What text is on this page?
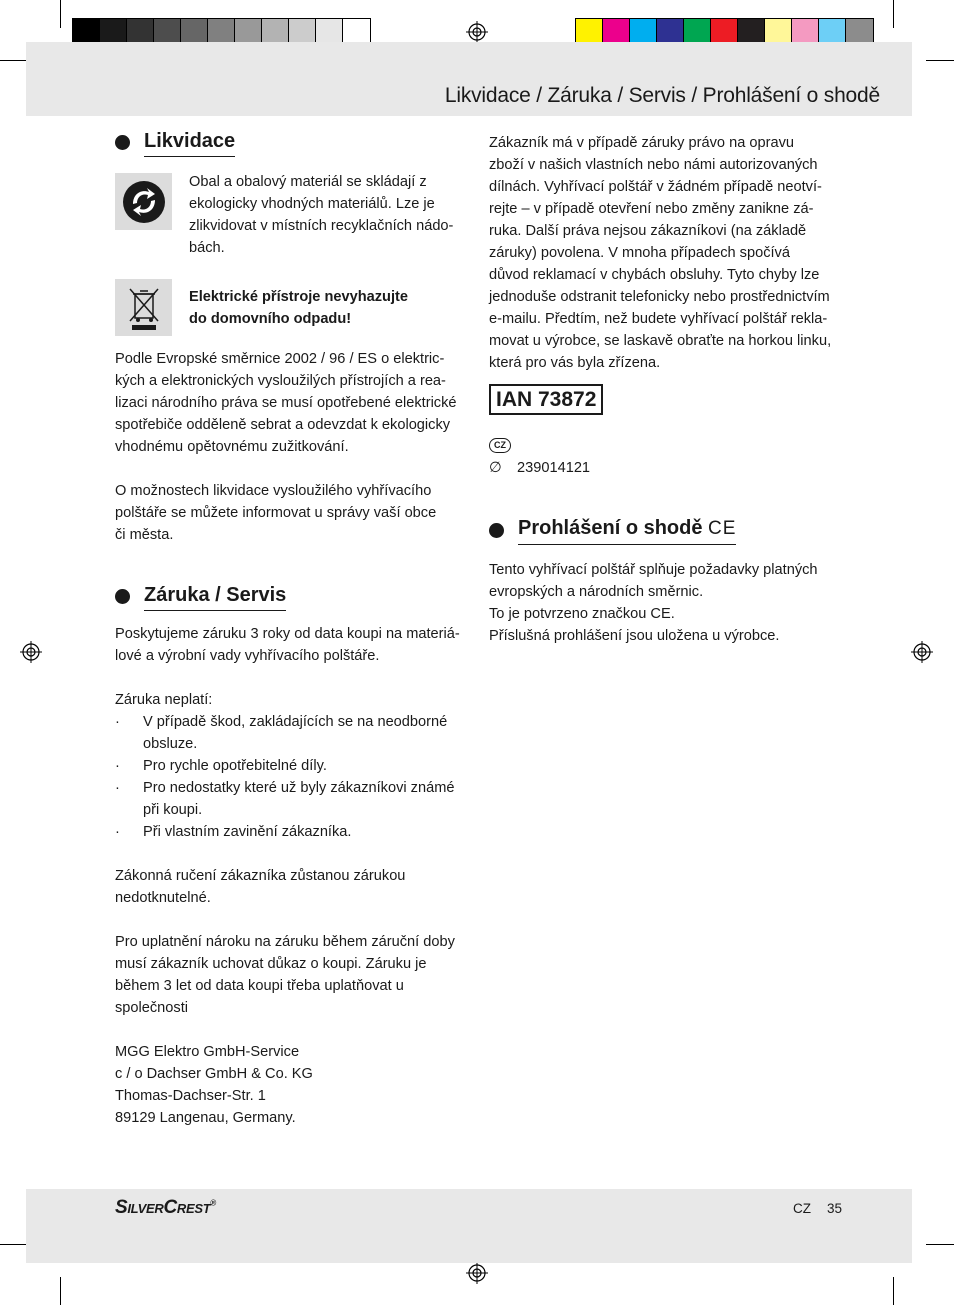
Likvidace / Záruka / Servis / Prohlášení o shodě
Likvidace

Obal a obalový materiál se skládají z

ekologicky vhodných materiálů. Lze je

zlikvidovat v místních recyklačních nádo-

bách.

Elektrické přístroje nevyhazujte

do domovního odpadu!

Podle Evropské směrnice 2002 / 96 / ES o elektric-

kých a elektronických vysloužilých přístrojích a rea-

lizaci národního práva se musí opotřebené elektrické

spotřebiče odděleně sebrat a odevzdat k ekologicky

vhodnému opětovnému zužitkování.

O možnostech likvidace vysloužilého vyhřívacího

polštáře se můžete informovat u správy vaší obce

či města.

Záruka / Servis

Poskytujeme záruku 3 roky od data koupi na materiá-

lové a výrobní vady vyhřívacího polštáře.

Záruka neplatí:

· V případě škod, zakládajících se na neodborné
obsluze.
· Pro rychle opotřebitelné díly.
· Pro nedostatky které už byly zákazníkovi známé
při koupi.
· Při vlastním zavinění zákazníka.

Zákonná ručení zákazníka zůstanou zárukou

nedotknutelné.

Pro uplatnění nároku na záruku během záruční doby

musí zákazník uchovat důkaz o koupi. Záruku je

během 3 let od data koupi třeba uplatňovat u

společnosti

MGG Elektro GmbH-Service

c / o Dachser GmbH & Co. KG

Thomas-Dachser-Str. 1

89129 Langenau, Germany.

Zákazník má v případě záruky právo na opravu

zboží v našich vlastních nebo námi autorizovaných

dílnách. Vyhřívací polštář v žádném případě neotví-

rejte – v případě otevření nebo změny zanikne zá-

ruka. Další práva nejsou zákazníkovi (na základě

záruky) povolena. V mnoha případech spočívá

důvod reklamací v chybách obsluhy. Tyto chyby lze

jednoduše odstranit telefonicky nebo prostřednictvím

e-mailu. Předtím, než budete vyhřívací polštář rekla-

movat u výrobce, se laskavě obraťte na horkou linku,

která pro vás byla zřízena.

IAN 73872
CZ
∅ 239014121
Prohlášení o shodě CE

Tento vyhřívací polštář splňuje požadavky platných

evropských a národních směrnic.

To je potvrzeno značkou CE.

Příslušná prohlášení jsou uložena u výrobce.

SilverCrest®	CZ 35
